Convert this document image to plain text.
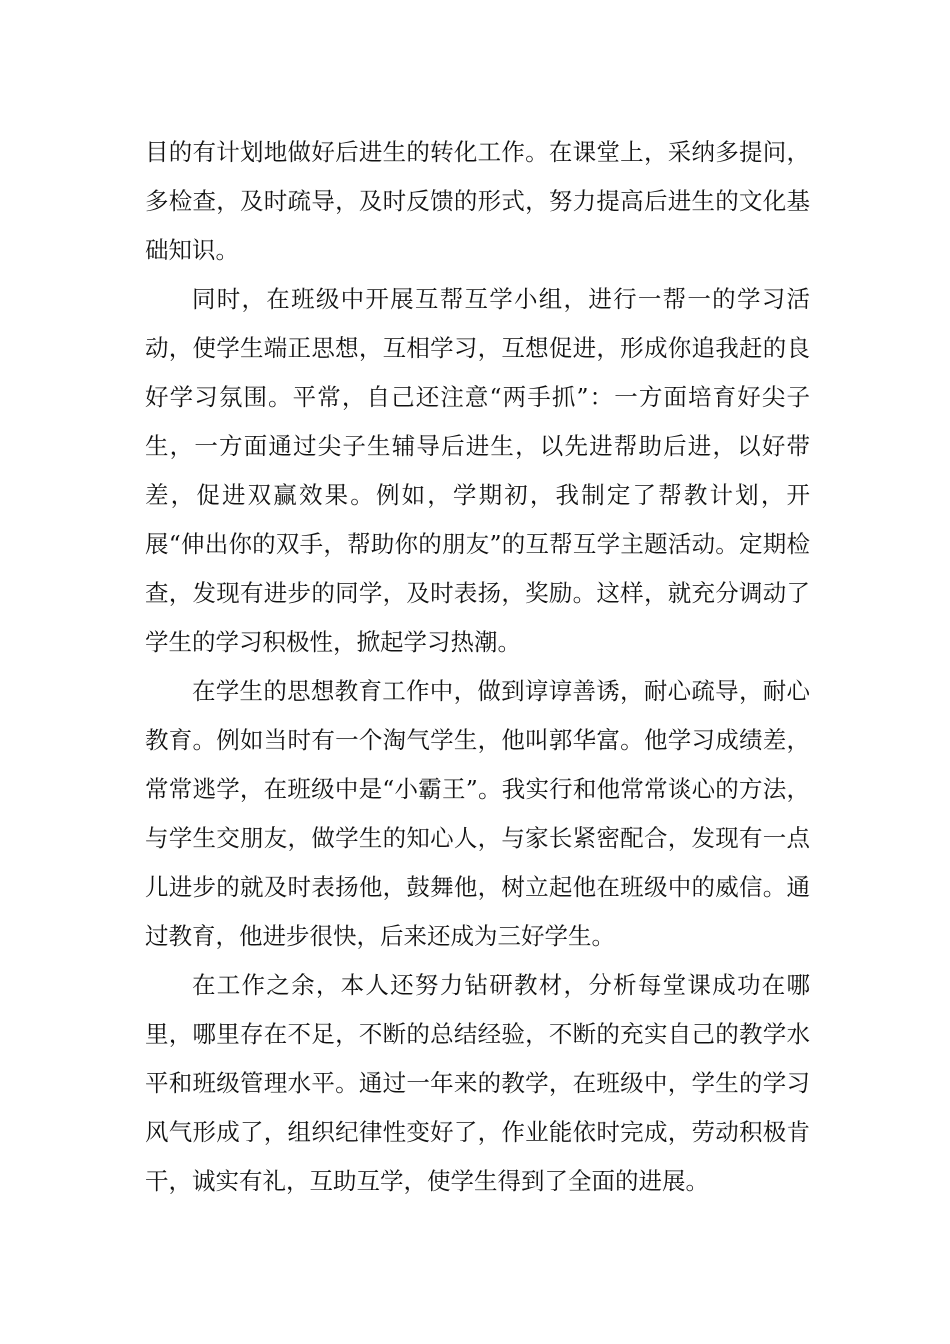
目的有计划地做好后进生的转化工作。在课堂上，采纳多提问，多检查，及时疏导，及时反馈的形式，努力提高后进生的文化基础知识。

同时，在班级中开展互帮互学小组，进行一帮一的学习活动，使学生端正思想，互相学习，互想促进，形成你追我赶的良好学习氛围。平常，自己还注意“两手抓”：一方面培育好尖子生，一方面通过尖子生辅导后进生，以先进帮助后进，以好带差，促进双赢效果。例如，学期初，我制定了帮教计划，开展“伸出你的双手，帮助你的朋友”的互帮互学主题活动。定期检查，发现有进步的同学，及时表扬，奖励。这样，就充分调动了学生的学习积极性，掀起学习热潮。

在学生的思想教育工作中，做到谆谆善诱，耐心疏导，耐心教育。例如当时有一个淘气学生，他叫郭华富。他学习成绩差，常常逃学，在班级中是“小霸王”。我实行和他常常谈心的方法，与学生交朋友，做学生的知心人，与家长紧密配合，发现有一点儿进步的就及时表扬他，鼓舞他，树立起他在班级中的威信。通过教育，他进步很快，后来还成为三好学生。

在工作之余，本人还努力钻研教材，分析每堂课成功在哪里，哪里存在不足，不断的总结经验，不断的充实自己的教学水平和班级管理水平。通过一年来的教学，在班级中，学生的学习风气形成了，组织纪律性变好了，作业能依时完成，劳动积极肯干，诚实有礼，互助互学，使学生得到了全面的进展。
